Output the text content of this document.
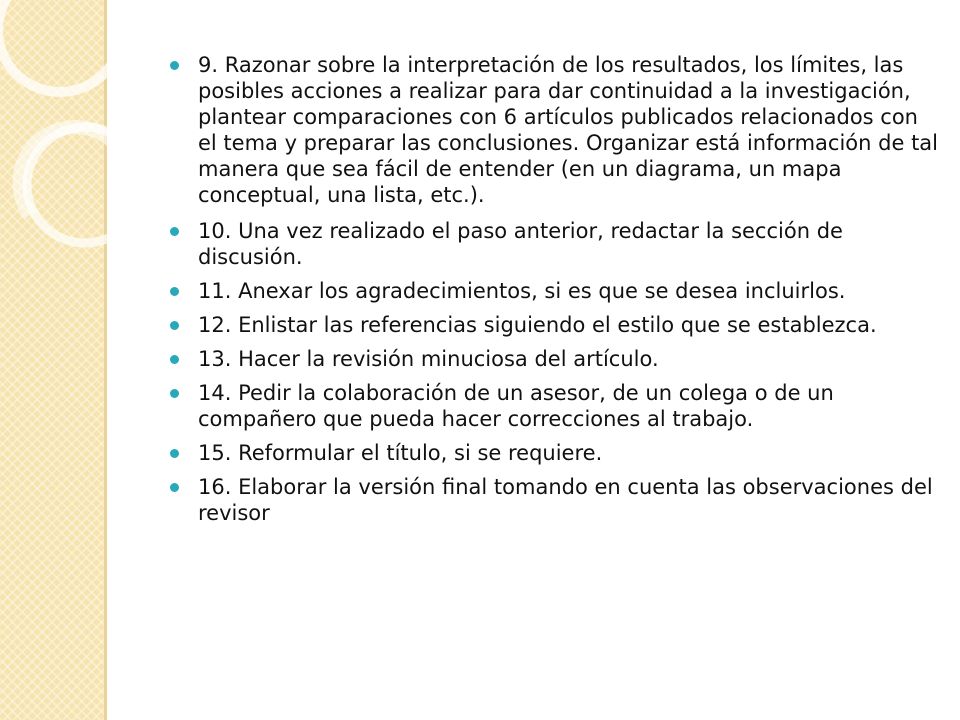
9. Razonar sobre la interpretación de los resultados, los límites, las posibles acciones a realizar para dar continuidad a la investigación, plantear comparaciones con 6 artículos publicados relacionados con el tema y preparar las conclusiones. Organizar está información de tal manera que sea fácil de entender (en un diagrama, un mapa conceptual, una lista, etc.).
10. Una vez realizado el paso anterior, redactar la sección de discusión.
11. Anexar los agradecimientos, si es que se desea incluirlos.
12. Enlistar las referencias siguiendo el estilo que se establezca.
13. Hacer la revisión minuciosa del artículo.
14. Pedir la colaboración de un asesor, de un colega o de un compañero que pueda hacer correcciones al trabajo.
15. Reformular el título, si se requiere.
16. Elaborar la versión final tomando en cuenta las observaciones del revisor
